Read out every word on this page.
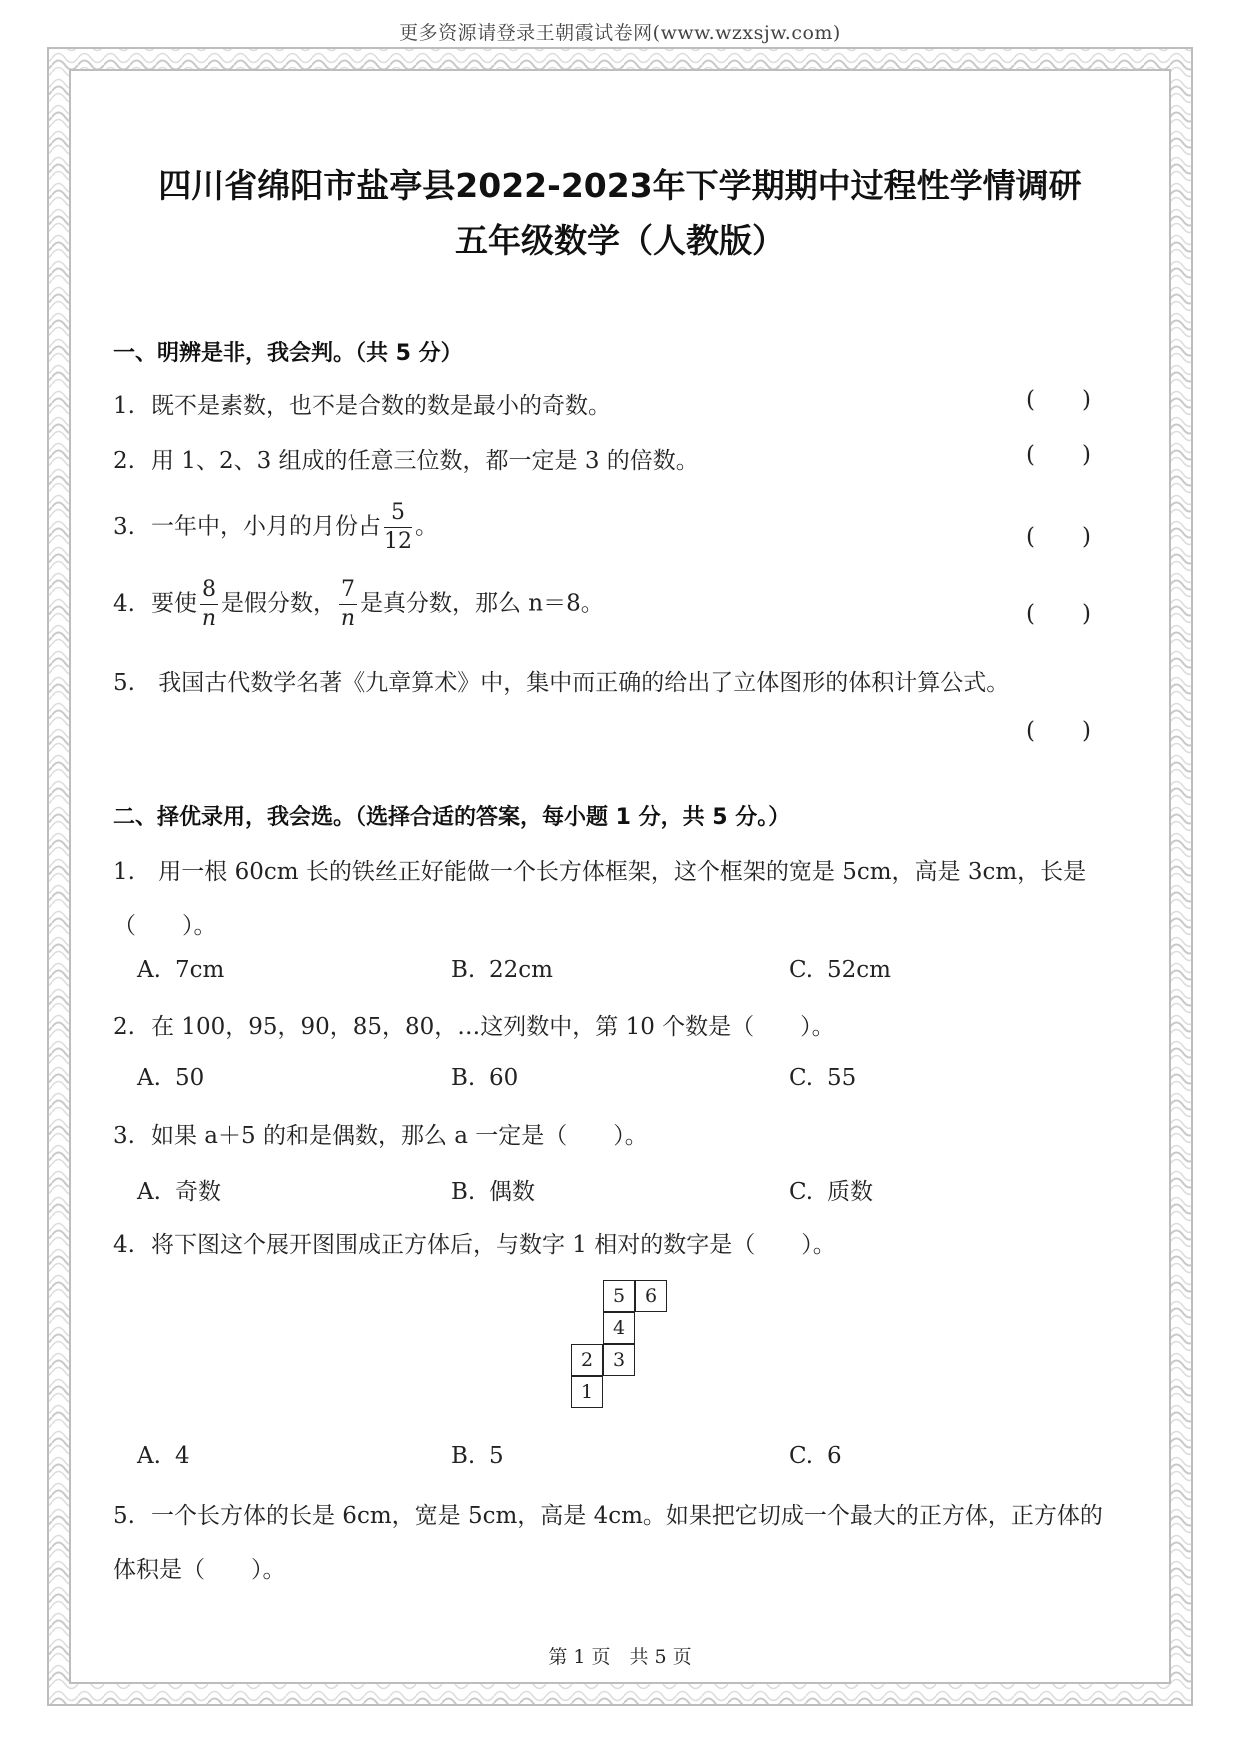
更多资源请登录王朝霞试卷网(www.wzxsjw.com)
四川省绵阳市盐亭县2022-2023年下学期期中过程性学情调研
五年级数学（人教版）
一、明辨是非，我会判。（共 5 分）
1. 既不是素数，也不是合数的数是最小的奇数。	( )
2. 用 1、2、3 组成的任意三位数，都一定是 3 的倍数。	( )
3. 一年中，小月的月份占 $\frac{5}{12}$ 。	( )
4. 要使 $\frac{8}{n}$ 是假分数， $\frac{7}{n}$ 是真分数，那么 n＝8。	( )
5. 我国古代数学名著《九章算术》中，集中而正确的给出了立体图形的体积计算公式。
( )
二、择优录用，我会选。（选择合适的答案，每小题 1 分，共 5 分。）
1. 用一根 60cm 长的铁丝正好能做一个长方体框架，这个框架的宽是 5cm，高是 3cm，长是
（　　）。
A. 7cm	B. 22cm	C. 52cm
2. 在 100，95，90，85，80，…这列数中，第 10 个数是（　　）。
A. 50	B. 60	C. 55
3. 如果 a＋5 的和是偶数，那么 a 一定是（　　）。
A. 奇数	B. 偶数	C. 质数
4. 将下图这个展开图围成正方体后，与数字 1 相对的数字是（　　）。
5	6
4
2	3
1
A. 4	B. 5	C. 6
5. 一个长方体的长是 6cm，宽是 5cm，高是 4cm。如果把它切成一个最大的正方体，正方体的
体积是（　　）。
第 1 页　共 5 页
